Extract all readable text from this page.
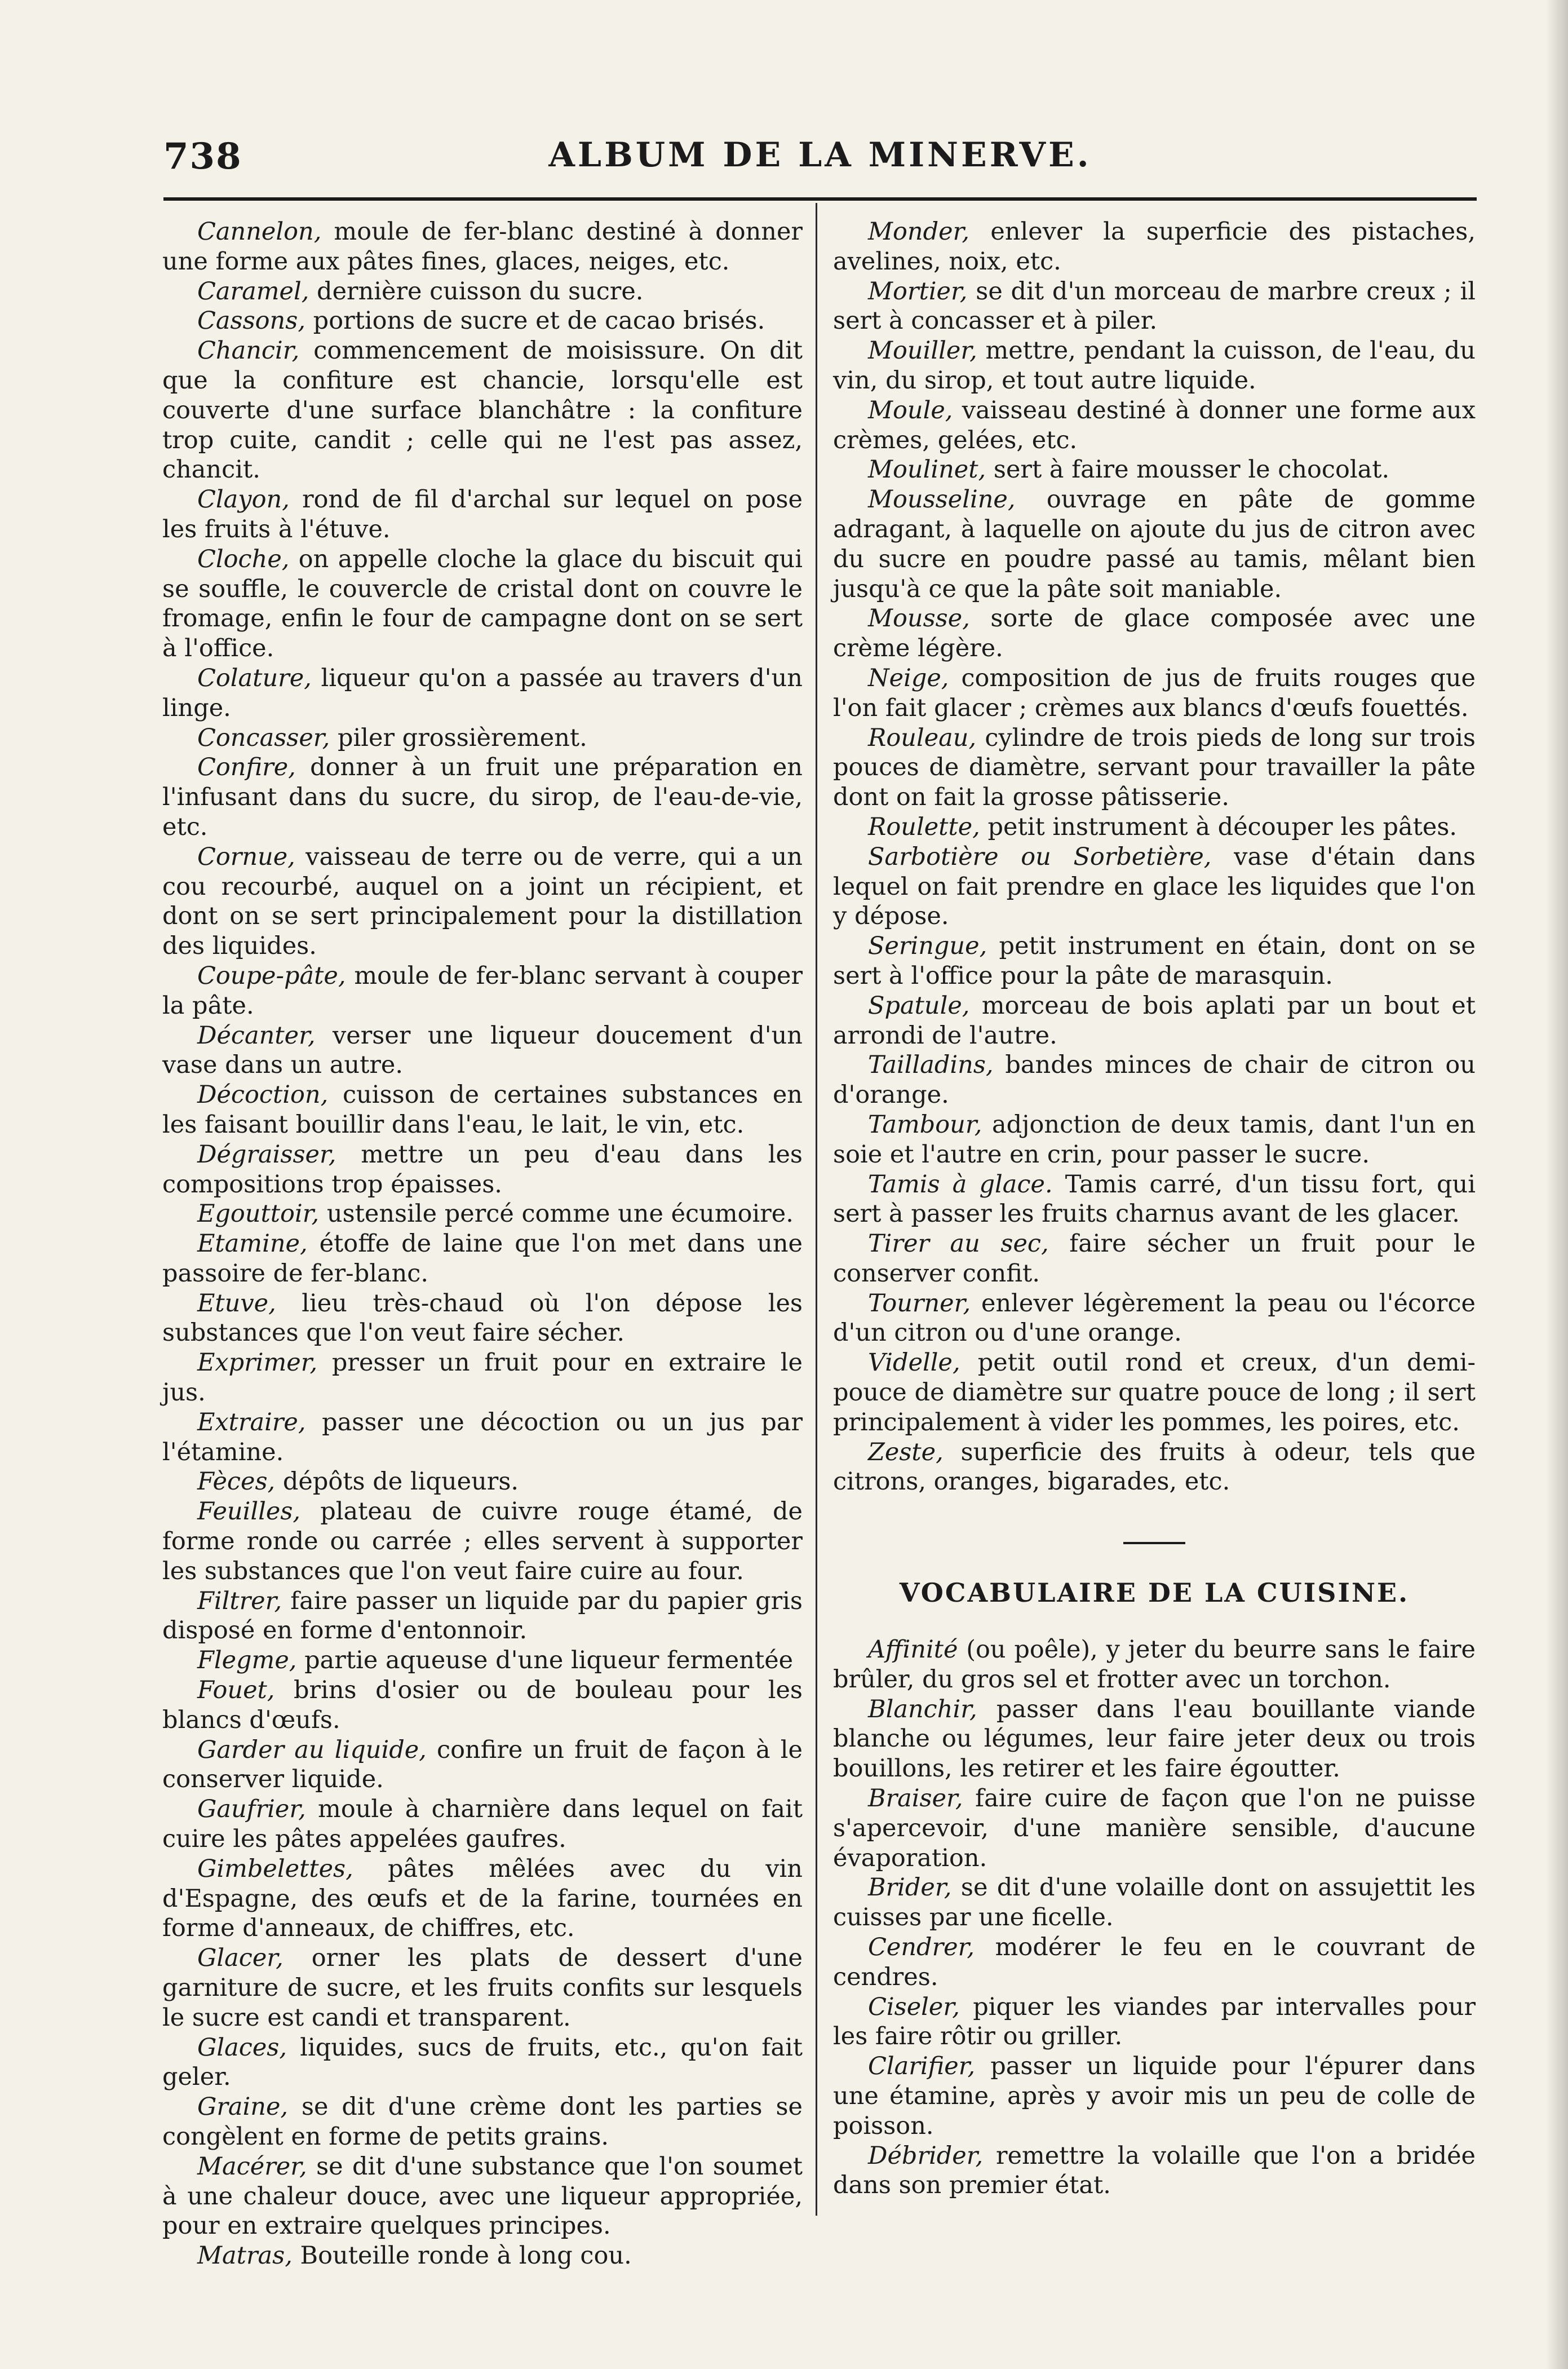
738	ALBUM DE LA MINERVE.

Cannelon, moule de fer-blanc destiné à donner une forme aux pâtes fines, glaces, neiges, etc.

Caramel, dernière cuisson du sucre.

Cassons, portions de sucre et de cacao brisés.

Chancir, commencement de moisissure. On dit que la confiture est chancie, lorsqu'elle est couverte d'une surface blanchâtre : la confiture trop cuite, candit ; celle qui ne l'est pas assez, chancit.

Clayon, rond de fil d'archal sur lequel on pose les fruits à l'étuve.

Cloche, on appelle cloche la glace du biscuit qui se souffle, le couvercle de cristal dont on couvre le fromage, enfin le four de campagne dont on se sert à l'office.

Colature, liqueur qu'on a passée au travers d'un linge.

Concasser, piler grossièrement.

Confire, donner à un fruit une préparation en l'infusant dans du sucre, du sirop, de l'eau-de-vie, etc.

Cornue, vaisseau de terre ou de verre, qui a un cou recourbé, auquel on a joint un récipient, et dont on se sert principalement pour la distillation des liquides.

Coupe-pâte, moule de fer-blanc servant à couper la pâte.

Décanter, verser une liqueur doucement d'un vase dans un autre.

Décoction, cuisson de certaines substances en les faisant bouillir dans l'eau, le lait, le vin, etc.

Dégraisser, mettre un peu d'eau dans les compositions trop épaisses.

Egouttoir, ustensile percé comme une écumoire.

Etamine, étoffe de laine que l'on met dans une passoire de fer-blanc.

Etuve, lieu très-chaud où l'on dépose les substances que l'on veut faire sécher.

Exprimer, presser un fruit pour en extraire le jus.

Extraire, passer une décoction ou un jus par l'étamine.

Fèces, dépôts de liqueurs.

Feuilles, plateau de cuivre rouge étamé, de forme ronde ou carrée ; elles servent à supporter les substances que l'on veut faire cuire au four.

Filtrer, faire passer un liquide par du papier gris disposé en forme d'entonnoir.

Flegme, partie aqueuse d'une liqueur fermentée

Fouet, brins d'osier ou de bouleau pour les blancs d'œufs.

Garder au liquide, confire un fruit de façon à le conserver liquide.

Gaufrier, moule à charnière dans lequel on fait cuire les pâtes appelées gaufres.

Gimbelettes, pâtes mêlées avec du vin d'Espagne, des œufs et de la farine, tournées en forme d'anneaux, de chiffres, etc.

Glacer, orner les plats de dessert d'une garniture de sucre, et les fruits confits sur lesquels le sucre est candi et transparent.

Glaces, liquides, sucs de fruits, etc., qu'on fait geler.

Graine, se dit d'une crème dont les parties se congèlent en forme de petits grains.

Macérer, se dit d'une substance que l'on soumet à une chaleur douce, avec une liqueur appropriée, pour en extraire quelques principes.

Matras, Bouteille ronde à long cou.

Monder, enlever la superficie des pistaches, avelines, noix, etc.

Mortier, se dit d'un morceau de marbre creux ; il sert à concasser et à piler.

Mouiller, mettre, pendant la cuisson, de l'eau, du vin, du sirop, et tout autre liquide.

Moule, vaisseau destiné à donner une forme aux crèmes, gelées, etc.

Moulinet, sert à faire mousser le chocolat.

Mousseline, ouvrage en pâte de gomme adragant, à laquelle on ajoute du jus de citron avec du sucre en poudre passé au tamis, mêlant bien jusqu'à ce que la pâte soit maniable.

Mousse, sorte de glace composée avec une crème légère.

Neige, composition de jus de fruits rouges que l'on fait glacer ; crèmes aux blancs d'œufs fouettés.

Rouleau, cylindre de trois pieds de long sur trois pouces de diamètre, servant pour travailler la pâte dont on fait la grosse pâtisserie.

Roulette, petit instrument à découper les pâtes.

Sarbotière ou Sorbetière, vase d'étain dans lequel on fait prendre en glace les liquides que l'on y dépose.

Seringue, petit instrument en étain, dont on se sert à l'office pour la pâte de marasquin.

Spatule, morceau de bois aplati par un bout et arrondi de l'autre.

Tailladins, bandes minces de chair de citron ou d'orange.

Tambour, adjonction de deux tamis, dant l'un en soie et l'autre en crin, pour passer le sucre.

Tamis à glace. Tamis carré, d'un tissu fort, qui sert à passer les fruits charnus avant de les glacer.

Tirer au sec, faire sécher un fruit pour le conserver confit.

Tourner, enlever légèrement la peau ou l'écorce d'un citron ou d'une orange.

Videlle, petit outil rond et creux, d'un demi-pouce de diamètre sur quatre pouce de long ; il sert principalement à vider les pommes, les poires, etc.

Zeste, superficie des fruits à odeur, tels que citrons, oranges, bigarades, etc.

VOCABULAIRE DE LA CUISINE.

Affinité (ou poêle), y jeter du beurre sans le faire brûler, du gros sel et frotter avec un torchon.

Blanchir, passer dans l'eau bouillante viande blanche ou légumes, leur faire jeter deux ou trois bouillons, les retirer et les faire égoutter.

Braiser, faire cuire de façon que l'on ne puisse s'apercevoir, d'une manière sensible, d'aucune évaporation.

Brider, se dit d'une volaille dont on assujettit les cuisses par une ficelle.

Cendrer, modérer le feu en le couvrant de cendres.

Ciseler, piquer les viandes par intervalles pour les faire rôtir ou griller.

Clarifier, passer un liquide pour l'épurer dans une étamine, après y avoir mis un peu de colle de poisson.

Débrider, remettre la volaille que l'on a bridée dans son premier état.
